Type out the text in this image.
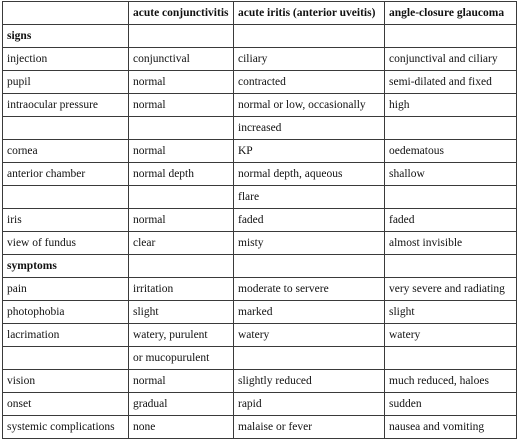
	acute conjunctivitis	acute iritis (anterior uveitis)	angle-closure glaucoma
signs			
injection	conjunctival	ciliary	conjunctival and ciliary
pupil	normal	contracted	semi-dilated and fixed
intraocular pressure	normal	normal or low, occasionally	high
		increased	
cornea	normal	KP	oedematous
anterior chamber	normal depth	normal depth, aqueous	shallow
		flare	
iris	normal	faded	faded
view of fundus	clear	misty	almost invisible
symptoms			
pain	irritation	moderate to servere	very severe and radiating
photophobia	slight	marked	slight
lacrimation	watery, purulent	watery	watery
	or mucopurulent		
vision	normal	slightly reduced	much reduced, haloes
onset	gradual	rapid	sudden
systemic complications	none	malaise or fever	nausea and vomiting
